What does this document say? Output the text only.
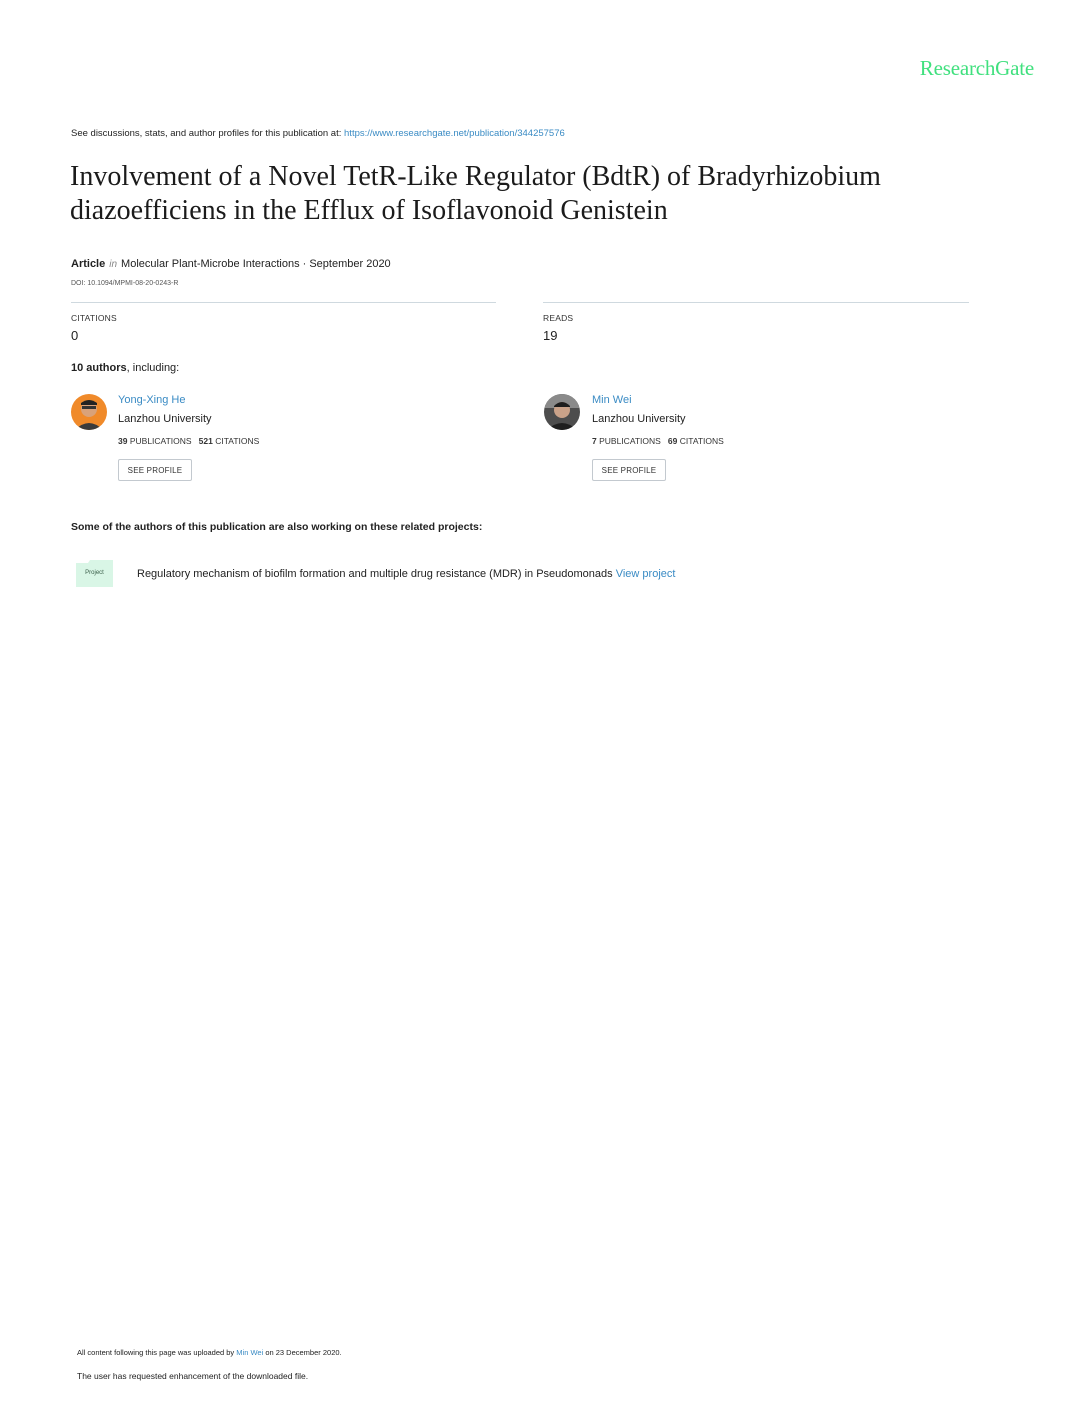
ResearchGate
See discussions, stats, and author profiles for this publication at: https://www.researchgate.net/publication/344257576
Involvement of a Novel TetR-Like Regulator (BdtR) of Bradyrhizobium
diazoefficiens in the Efflux of Isoflavonoid Genistein
Article in Molecular Plant-Microbe Interactions · September 2020
DOI: 10.1094/MPMI-08-20-0243-R
CITATIONS
0
READS
19
10 authors, including:
Yong-Xing He
Lanzhou University
39 PUBLICATIONS 521 CITATIONS
SEE PROFILE
Min Wei
Lanzhou University
7 PUBLICATIONS 69 CITATIONS
SEE PROFILE
Some of the authors of this publication are also working on these related projects:
Project	Regulatory mechanism of biofilm formation and multiple drug resistance (MDR) in Pseudomonads View project
All content following this page was uploaded by Min Wei on 23 December 2020.
The user has requested enhancement of the downloaded file.
